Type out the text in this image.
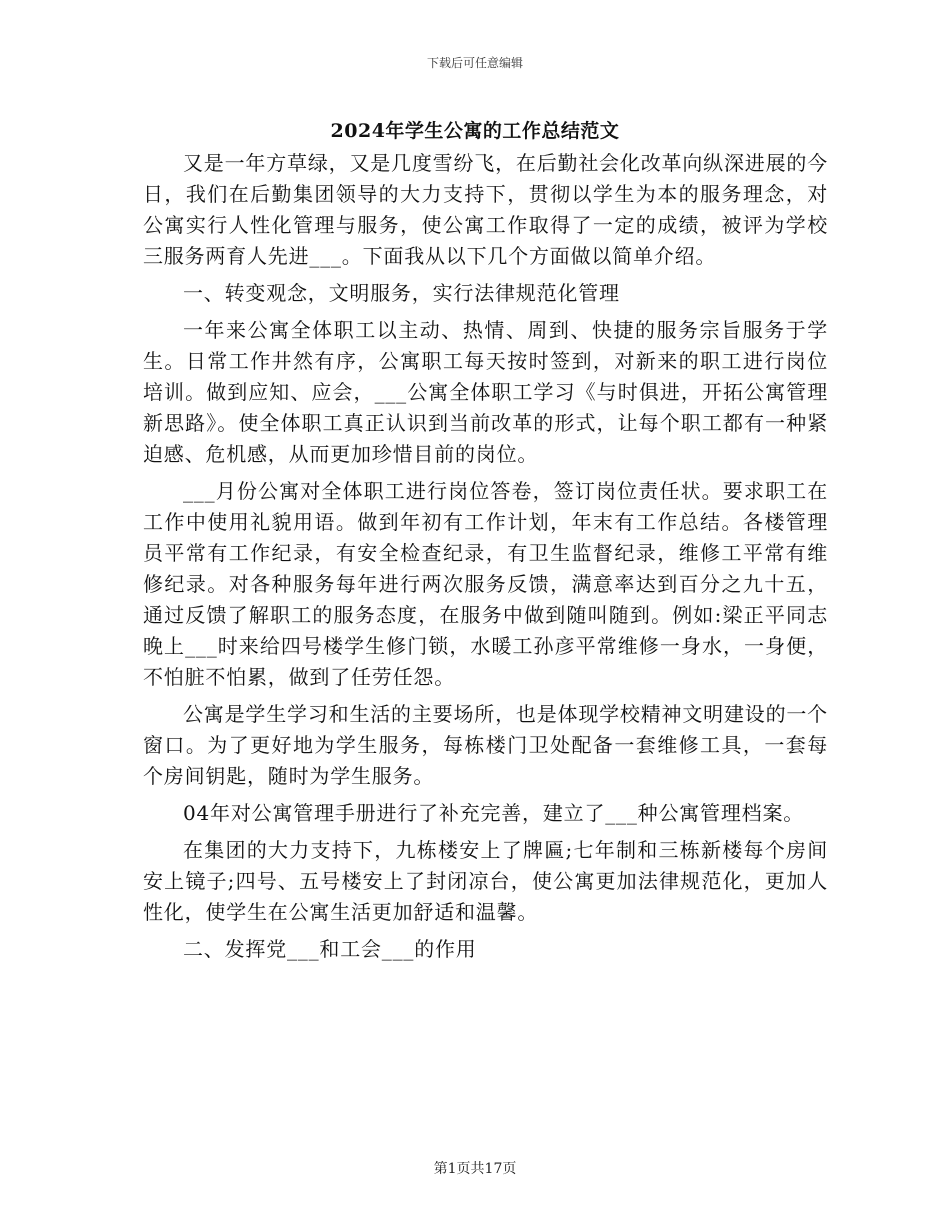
下载后可任意编辑
2024年学生公寓的工作总结范文

又是一年方草绿，又是几度雪纷飞，在后勤社会化改革向纵深进展的今日，我们在后勤集团领导的大力支持下，贯彻以学生为本的服务理念，对公寓实行人性化管理与服务，使公寓工作取得了一定的成绩，被评为学校三服务两育人先进___。下面我从以下几个方面做以简单介绍。

一、转变观念，文明服务，实行法律规范化管理

一年来公寓全体职工以主动、热情、周到、快捷的服务宗旨服务于学生。日常工作井然有序，公寓职工每天按时签到，对新来的职工进行岗位培训。做到应知、应会，___公寓全体职工学习《与时俱进，开拓公寓管理新思路》。使全体职工真正认识到当前改革的形式，让每个职工都有一种紧迫感、危机感，从而更加珍惜目前的岗位。

___月份公寓对全体职工进行岗位答卷，签订岗位责任状。要求职工在工作中使用礼貌用语。做到年初有工作计划，年末有工作总结。各楼管理员平常有工作纪录，有安全检查纪录，有卫生监督纪录，维修工平常有维修纪录。对各种服务每年进行两次服务反馈，满意率达到百分之九十五，通过反馈了解职工的服务态度，在服务中做到随叫随到。例如:梁正平同志晚上___时来给四号楼学生修门锁，水暖工孙彦平常维修一身水，一身便，不怕脏不怕累，做到了任劳任怨。

公寓是学生学习和生活的主要场所，也是体现学校精神文明建设的一个窗口。为了更好地为学生服务，每栋楼门卫处配备一套维修工具，一套每个房间钥匙，随时为学生服务。

04年对公寓管理手册进行了补充完善，建立了___种公寓管理档案。

在集团的大力支持下，九栋楼安上了牌匾;七年制和三栋新楼每个房间安上镜子;四号、五号楼安上了封闭凉台，使公寓更加法律规范化，更加人性化，使学生在公寓生活更加舒适和温馨。

二、发挥党___和工会___的作用

第1页共17页
